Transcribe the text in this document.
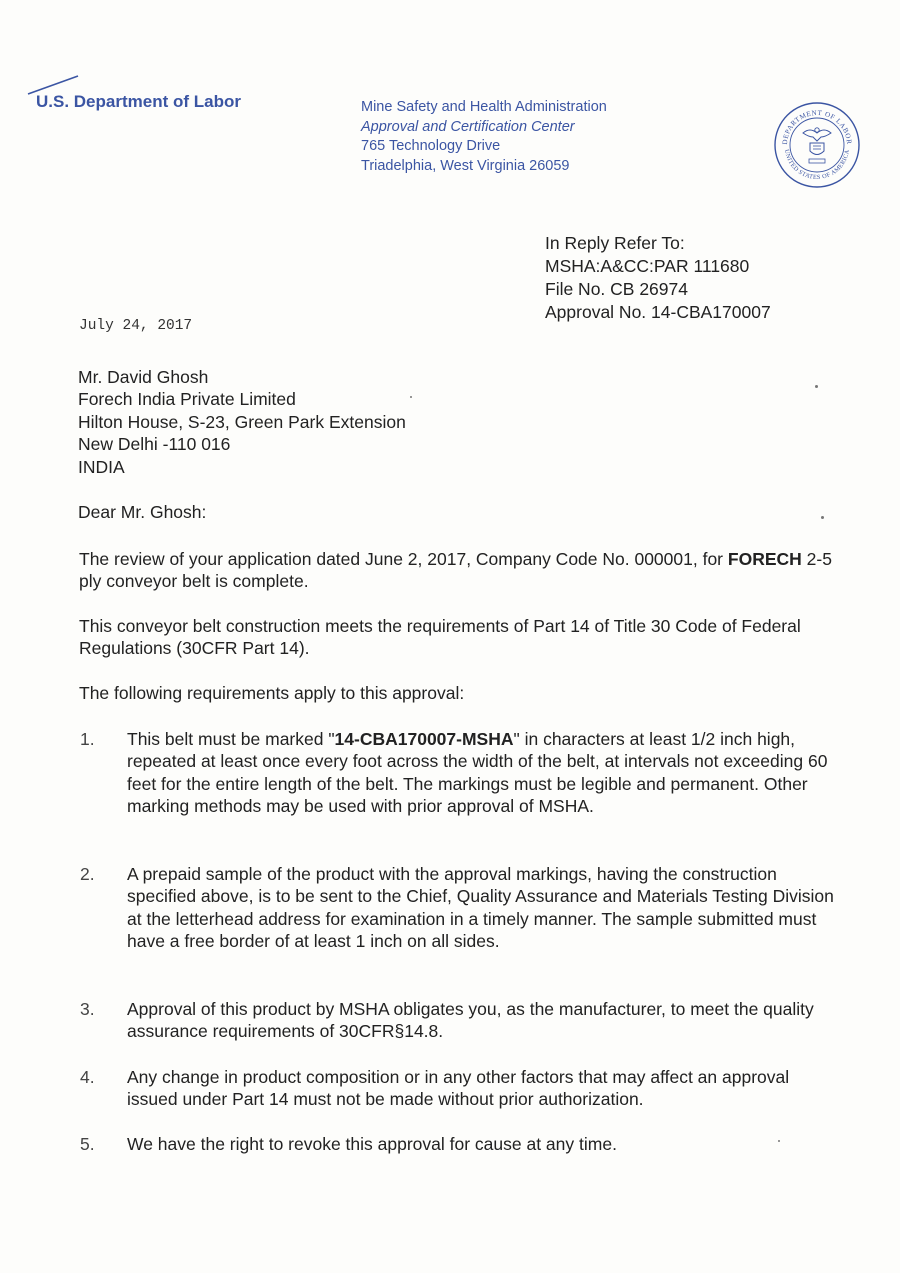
U.S. Department of Labor	Mine Safety and Health Administration
Approval and Certification Center
765 Technology Drive
Triadelphia, West Virginia 26059
DEPARTMENT OF LABOR
UNITED STATES OF AMERICA
In Reply Refer To:
MSHA:A&CC:PAR 111680
File No. CB 26974
Approval No. 14-CBA170007
July 24, 2017
Mr. David Ghosh
Forech India Private Limited
Hilton House, S-23, Green Park Extension
New Delhi -110 016
INDIA
Dear Mr. Ghosh:
The review of your application dated June 2, 2017, Company Code No. 000001, for FORECH 2-5 ply conveyor belt is complete.
This conveyor belt construction meets the requirements of Part 14 of Title 30 Code of Federal Regulations (30CFR Part 14).
The following requirements apply to this approval:
1.	This belt must be marked "14-CBA170007-MSHA" in characters at least 1/2 inch high, repeated at least once every foot across the width of the belt, at intervals not exceeding 60 feet for the entire length of the belt. The markings must be legible and permanent. Other marking methods may be used with prior approval of MSHA.
2.	A prepaid sample of the product with the approval markings, having the construction specified above, is to be sent to the Chief, Quality Assurance and Materials Testing Division at the letterhead address for examination in a timely manner. The sample submitted must have a free border of at least 1 inch on all sides.
3.	Approval of this product by MSHA obligates you, as the manufacturer, to meet the quality assurance requirements of 30CFR§14.8.
4.	Any change in product composition or in any other factors that may affect an approval issued under Part 14 must not be made without prior authorization.
5.	We have the right to revoke this approval for cause at any time.
